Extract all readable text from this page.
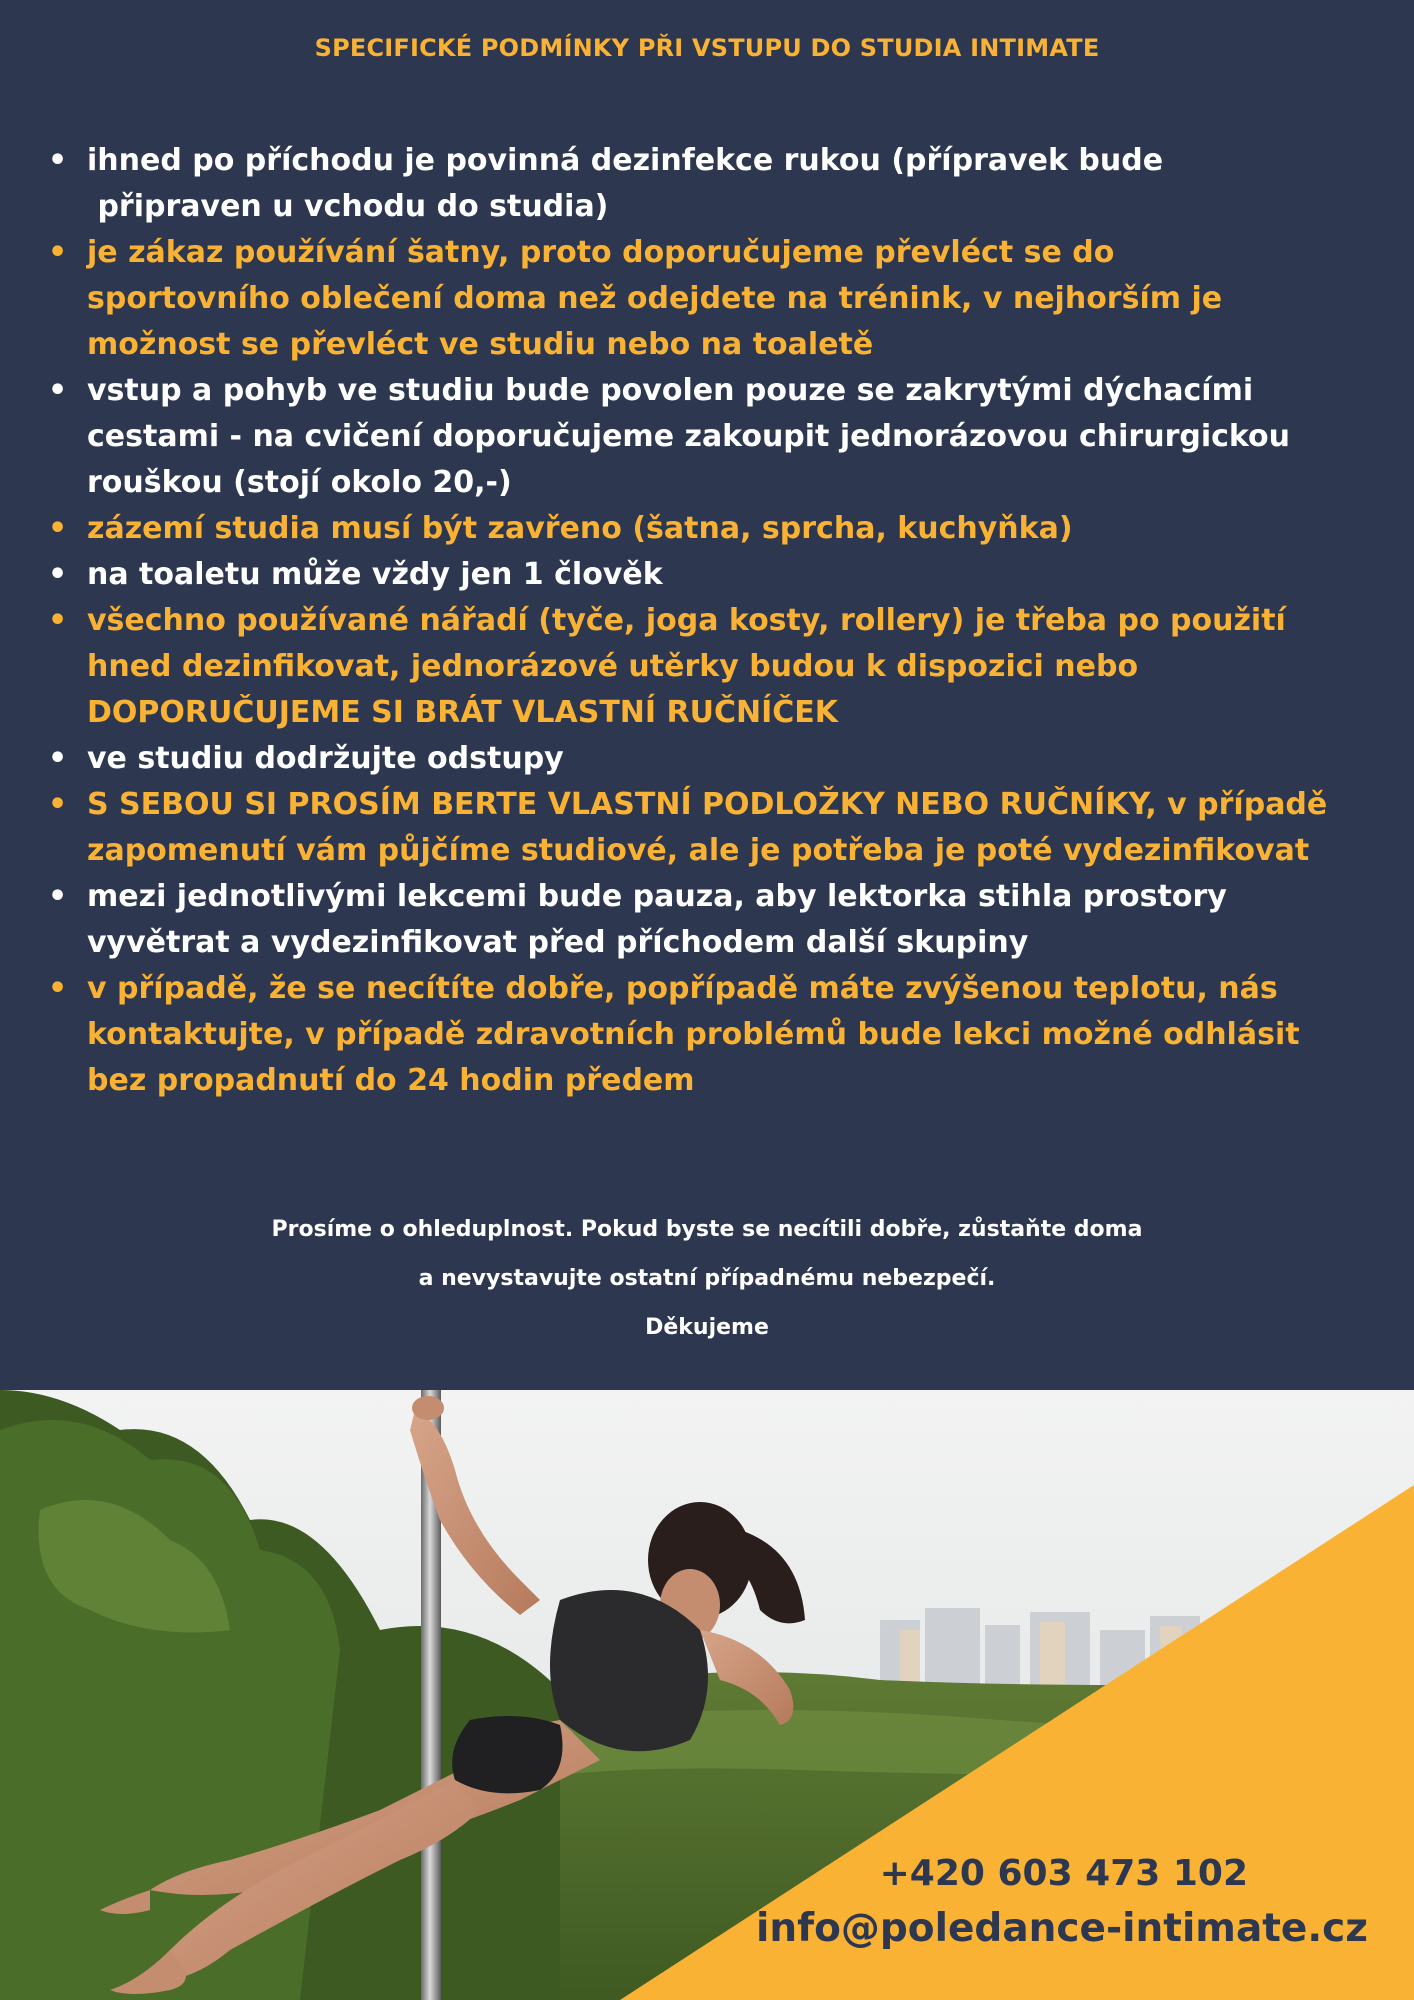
SPECIFICKÉ PODMÍNKY PŘI VSTUPU DO STUDIA INTIMATE
• ihned po příchodu je povinná dezinfekce rukou (přípravek bude
připraven u vchodu do studia)
• je zákaz používání šatny, proto doporučujeme převléct se do
sportovního oblečení doma než odejdete na trénink, v nejhorším je
možnost se převléct ve studiu nebo na toaletě
• vstup a pohyb ve studiu bude povolen pouze se zakrytými dýchacími
cestami - na cvičení doporučujeme zakoupit jednorázovou chirurgickou
rouškou (stojí okolo 20,-)
• zázemí studia musí být zavřeno (šatna, sprcha, kuchyňka)
• na toaletu může vždy jen 1 člověk
• všechno používané nářadí (tyče, joga kosty, rollery) je třeba po použití
hned dezinfikovat, jednorázové utěrky budou k dispozici nebo
DOPORUČUJEME SI BRÁT VLASTNÍ RUČNÍČEK
• ve studiu dodržujte odstupy
• S SEBOU SI PROSÍM BERTE VLASTNÍ PODLOŽKY NEBO RUČNÍKY, v případě
zapomenutí vám půjčíme studiové, ale je potřeba je poté vydezinfikovat
• mezi jednotlivými lekcemi bude pauza, aby lektorka stihla prostory
vyvětrat a vydezinfikovat před příchodem další skupiny
• v případě, že se necítíte dobře, popřípadě máte zvýšenou teplotu, nás
kontaktujte, v případě zdravotních problémů bude lekci možné odhlásit
bez propadnutí do 24 hodin předem
Prosíme o ohleduplnost. Pokud byste se necítili dobře, zůstaňte doma
a nevystavujte ostatní případnému nebezpečí.
Děkujeme
+420 603 473 102
info@poledance-intimate.cz
